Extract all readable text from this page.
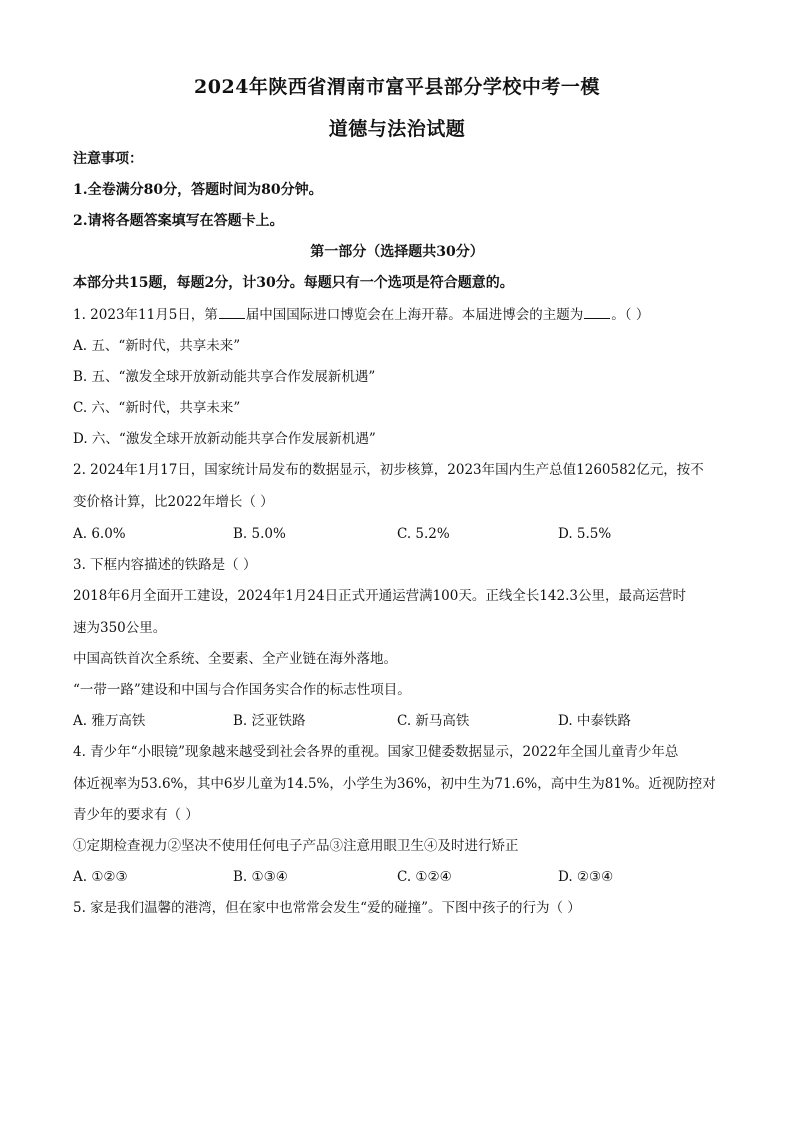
2024年陕西省渭南市富平县部分学校中考一模
道德与法治试题
注意事项：
1.全卷满分80分，答题时间为80分钟。
2.请将各题答案填写在答题卡上。
第一部分（选择题共30分）
本部分共15题，每题2分，计30分。每题只有一个选项是符合题意的。
1. 2023年11月5日，第 届中国国际进口博览会在上海开幕。本届进博会的主题为 。（ ）
A. 五、“新时代，共享未来”
B. 五、“激发全球开放新动能共享合作发展新机遇”
C. 六、“新时代，共享未来”
D. 六、“激发全球开放新动能共享合作发展新机遇”
2. 2024年1月17日，国家统计局发布的数据显示，初步核算，2023年国内生产总值1260582亿元，按不
变价格计算，比2022年增长（ ）
A. 6.0%	B. 5.0%	C. 5.2%	D. 5.5%
3. 下框内容描述的铁路是（ ）
2018年6月全面开工建设，2024年1月24日正式开通运营满100天。正线全长142.3公里，最高运营时
速为350公里。
中国高铁首次全系统、全要素、全产业链在海外落地。
“一带一路”建设和中国与合作国务实合作的标志性项目。
A. 雅万高铁	B. 泛亚铁路	C. 新马高铁	D. 中泰铁路
4. 青少年“小眼镜”现象越来越受到社会各界的重视。国家卫健委数据显示，2022年全国儿童青少年总
体近视率为53.6%，其中6岁儿童为14.5%，小学生为36%，初中生为71.6%，高中生为81%。近视防控对
青少年的要求有（ ）
①定期检查视力②坚决不使用任何电子产品③注意用眼卫生④及时进行矫正
A. ①②③	B. ①③④	C. ①②④	D. ②③④
5. 家是我们温馨的港湾，但在家中也常常会发生“爱的碰撞”。下图中孩子的行为（ ）
